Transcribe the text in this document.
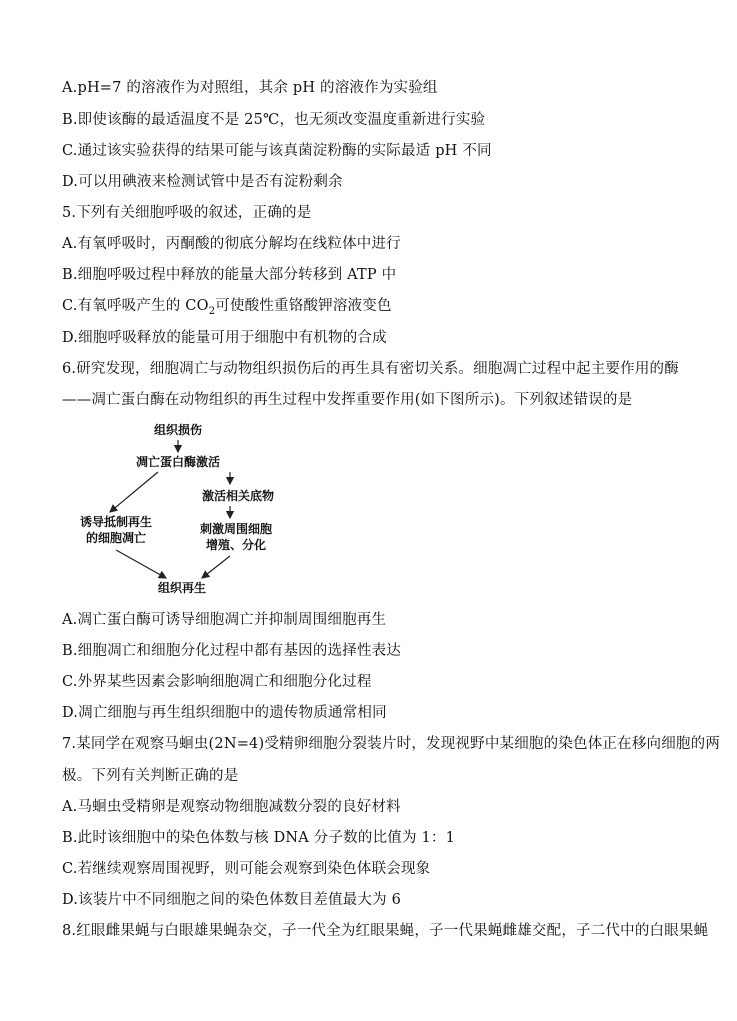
A.pH=7 的溶液作为对照组，其余 pH 的溶液作为实验组
B.即使该酶的最适温度不是 25℃，也无须改变温度重新进行实验
C.通过该实验获得的结果可能与该真菌淀粉酶的实际最适 pH 不同
D.可以用碘液来检测试管中是否有淀粉剩余
5.下列有关细胞呼吸的叙述，正确的是
A.有氧呼吸时，丙酮酸的彻底分解均在线粒体中进行
B.细胞呼吸过程中释放的能量大部分转移到 ATP 中
C.有氧呼吸产生的 $CO_2$可使酸性重铬酸钾溶液变色
D.细胞呼吸释放的能量可用于细胞中有机物的合成
6.研究发现，细胞凋亡与动物组织损伤后的再生具有密切关系。细胞凋亡过程中起主要作用的酶
——凋亡蛋白酶在动物组织的再生过程中发挥重要作用(如下图所示)。下列叙述错误的是
组织损伤
凋亡蛋白酶激活
激活相关底物
诱导抵制再生
的细胞凋亡
刺激周围细胞
增殖、分化
组织再生
A.凋亡蛋白酶可诱导细胞凋亡并抑制周围细胞再生
B.细胞凋亡和细胞分化过程中都有基因的选择性表达
C.外界某些因素会影响细胞凋亡和细胞分化过程
D.凋亡细胞与再生组织细胞中的遗传物质通常相同
7.某同学在观察马蛔虫(2N=4)受精卵细胞分裂装片时，发现视野中某细胞的染色体正在移向细胞的两
极。下列有关判断正确的是
A.马蛔虫受精卵是观察动物细胞减数分裂的良好材料
B.此时该细胞中的染色体数与核 DNA 分子数的比值为 1：1
C.若继续观察周围视野，则可能会观察到染色体联会现象
D.该装片中不同细胞之间的染色体数目差值最大为 6
8.红眼雌果蝇与白眼雄果蝇杂交，子一代全为红眼果蝇，子一代果蝇雌雄交配，子二代中的白眼果蝇
